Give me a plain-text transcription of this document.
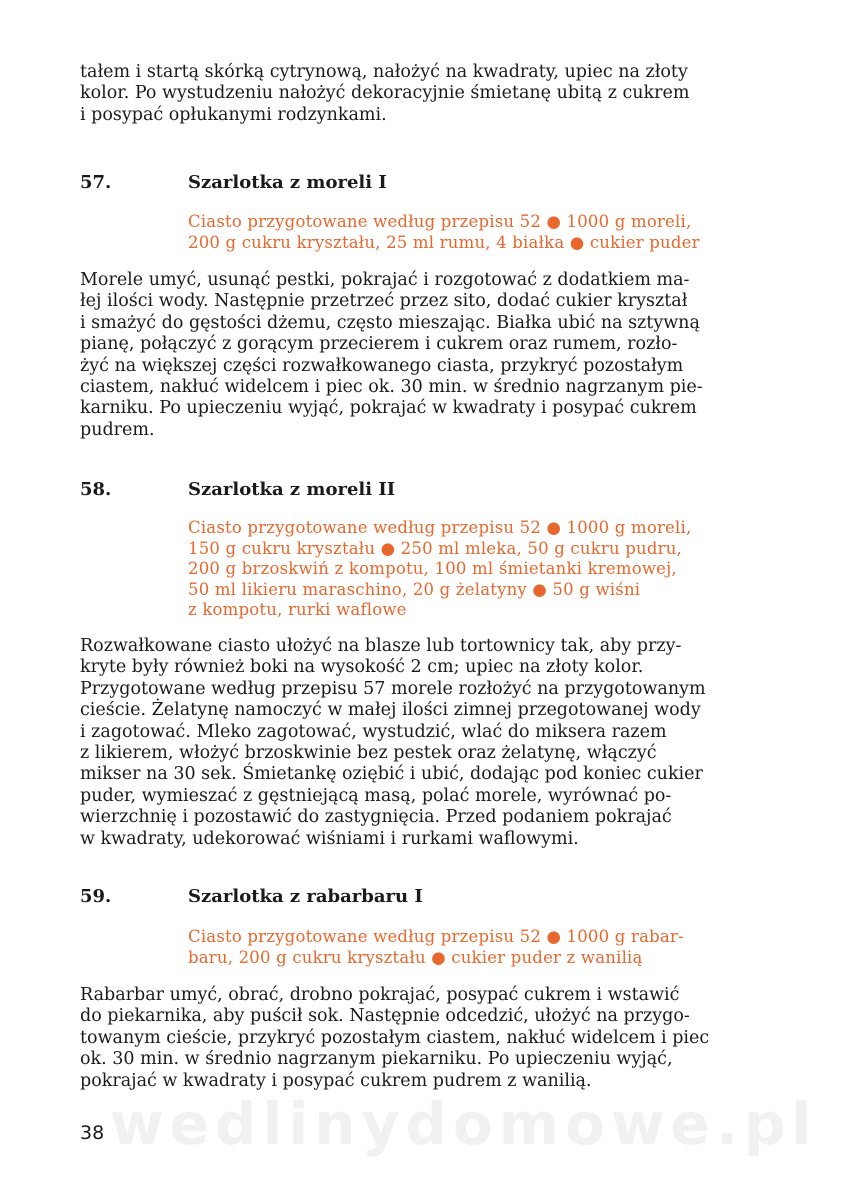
wedlinydomowe.pl
tałem i startą skórką cytrynową, nałożyć na kwadraty, upiec na złoty
kolor. Po wystudzeniu nałożyć dekoracyjnie śmietanę ubitą z cukrem
i posypać opłukanymi rodzynkami.
57.	Szarlotka z moreli I
Ciasto przygotowane według przepisu 52 ● 1000 g moreli,
200 g cukru kryształu, 25 ml rumu, 4 białka ● cukier puder
Morele umyć, usunąć pestki, pokrajać i rozgotować z dodatkiem ma-
łej ilości wody. Następnie przetrzeć przez sito, dodać cukier kryształ
i smażyć do gęstości dżemu, często mieszając. Białka ubić na sztywną
pianę, połączyć z gorącym przecierem i cukrem oraz rumem, rozło-
żyć na większej części rozwałkowanego ciasta, przykryć pozostałym
ciastem, nakłuć widelcem i piec ok. 30 min. w średnio nagrzanym pie-
karniku. Po upieczeniu wyjąć, pokrajać w kwadraty i posypać cukrem
pudrem.
58.	Szarlotka z moreli II
Ciasto przygotowane według przepisu 52 ● 1000 g moreli,
150 g cukru kryształu ● 250 ml mleka, 50 g cukru pudru,
200 g brzoskwiń z kompotu, 100 ml śmietanki kremowej,
50 ml likieru maraschino, 20 g żelatyny ● 50 g wiśni
z kompotu, rurki waflowe
Rozwałkowane ciasto ułożyć na blasze lub tortownicy tak, aby przy-
kryte były również boki na wysokość 2 cm; upiec na złoty kolor.
Przygotowane według przepisu 57 morele rozłożyć na przygotowanym
cieście. Żelatynę namoczyć w małej ilości zimnej przegotowanej wody
i zagotować. Mleko zagotować, wystudzić, wlać do miksera razem
z likierem, włożyć brzoskwinie bez pestek oraz żelatynę, włączyć
mikser na 30 sek. Śmietankę oziębić i ubić, dodając pod koniec cukier
puder, wymieszać z gęstniejącą masą, polać morele, wyrównać po-
wierzchnię i pozostawić do zastygnięcia. Przed podaniem pokrajać
w kwadraty, udekorować wiśniami i rurkami waflowymi.
59.	Szarlotka z rabarbaru I
Ciasto przygotowane według przepisu 52 ● 1000 g rabar-
baru, 200 g cukru kryształu ● cukier puder z wanilią
Rabarbar umyć, obrać, drobno pokrajać, posypać cukrem i wstawić
do piekarnika, aby puścił sok. Następnie odcedzić, ułożyć na przygo-
towanym cieście, przykryć pozostałym ciastem, nakłuć widelcem i piec
ok. 30 min. w średnio nagrzanym piekarniku. Po upieczeniu wyjąć,
pokrajać w kwadraty i posypać cukrem pudrem z wanilią.
38
